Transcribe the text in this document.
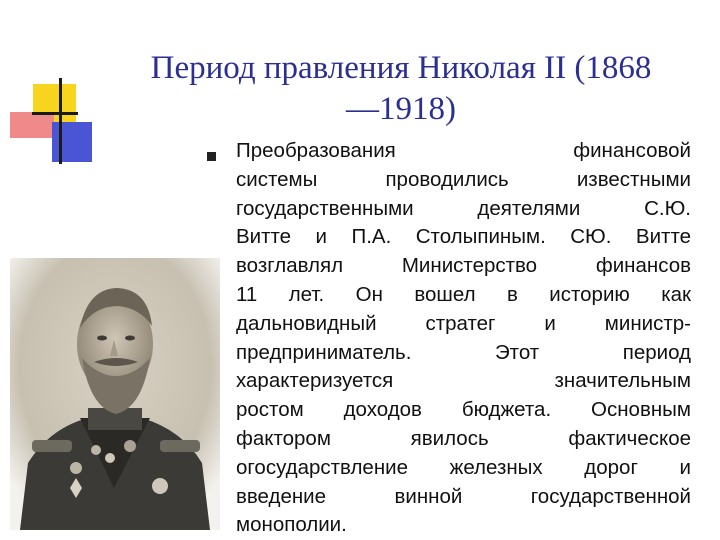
Период правления Николая II (1868
—1918)
Преобразования финансовой
системы проводились известными
государственными деятелями С.Ю.
Витте и П.А. Столыпиным. СЮ. Витте
возглавлял Министерство финансов
11 лет. Он вошел в историю как
дальновидный стратег и министр-
предприниматель. Этот период
характеризуется значительным
ростом доходов бюджета. Основным
фактором явилось фактическое
огосударствление железных дорог и
введение винной государственной
монополии.
